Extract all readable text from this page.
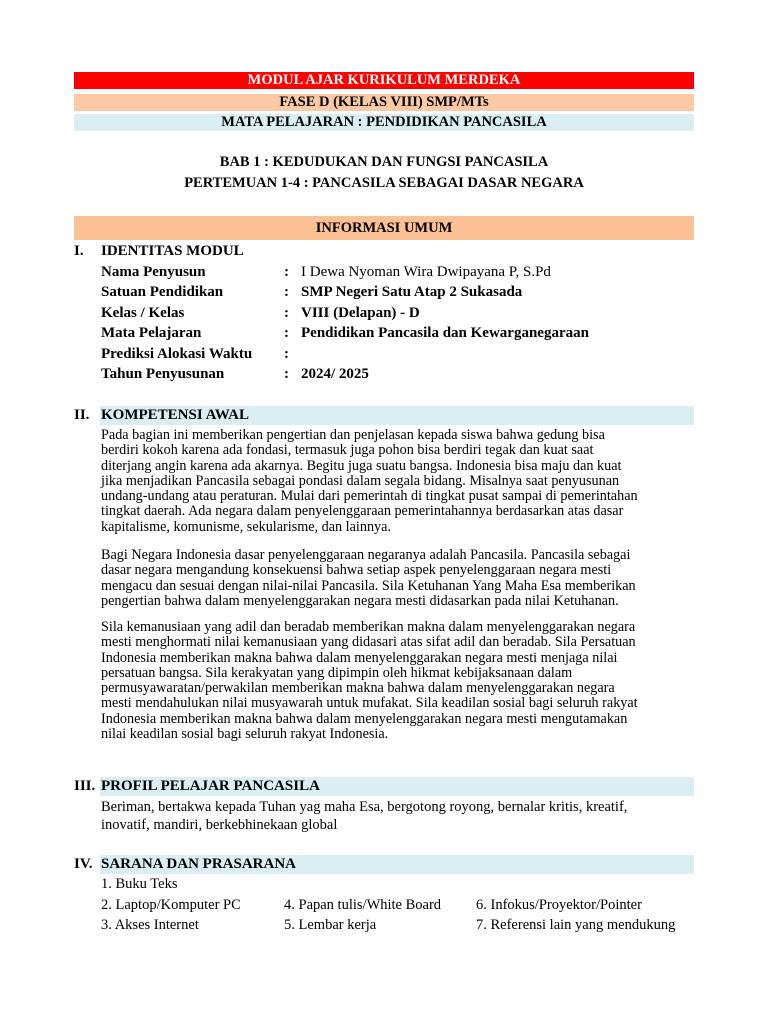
MODUL AJAR KURIKULUM MERDEKA
FASE D (KELAS VIII) SMP/MTs
MATA PELAJARAN : PENDIDIKAN PANCASILA
BAB 1 : KEDUDUKAN DAN FUNGSI PANCASILA
PERTEMUAN 1-4 : PANCASILA SEBAGAI DASAR NEGARA
INFORMASI UMUM
I. IDENTITAS MODUL
Nama Penyusun	: I Dewa Nyoman Wira Dwipayana P, S.Pd
Satuan Pendidikan	: SMP Negeri Satu Atap 2 Sukasada
Kelas / Kelas	: VIII (Delapan) - D
Mata Pelajaran	: Pendidikan Pancasila dan Kewarganegaraan
Prediksi Alokasi Waktu :
Tahun Penyusunan	: 2024/ 2025
II. KOMPETENSI AWAL
Pada bagian ini memberikan pengertian dan penjelasan kepada siswa bahwa gedung bisa
berdiri kokoh karena ada fondasi, termasuk juga pohon bisa berdiri tegak dan kuat saat
diterjang angin karena ada akarnya. Begitu juga suatu bangsa. Indonesia bisa maju dan kuat
jika menjadikan Pancasila sebagai pondasi dalam segala bidang. Misalnya saat penyusunan
undang-undang atau peraturan. Mulai dari pemerintah di tingkat pusat sampai di pemerintahan
tingkat daerah. Ada negara dalam penyelenggaraan pemerintahannya berdasarkan atas dasar
kapitalisme, komunisme, sekularisme, dan lainnya.
Bagi Negara Indonesia dasar penyelenggaraan negaranya adalah Pancasila. Pancasila sebagai
dasar negara mengandung konsekuensi bahwa setiap aspek penyelenggaraan negara mesti
mengacu dan sesuai dengan nilai-nilai Pancasila. Sila Ketuhanan Yang Maha Esa memberikan
pengertian bahwa dalam menyelenggarakan negara mesti didasarkan pada nilai Ketuhanan.
Sila kemanusiaan yang adil dan beradab memberikan makna dalam menyelenggarakan negara
mesti menghormati nilai kemanusiaan yang didasari atas sifat adil dan beradab. Sila Persatuan
Indonesia memberikan makna bahwa dalam menyelenggarakan negara mesti menjaga nilai
persatuan bangsa. Sila kerakyatan yang dipimpin oleh hikmat kebijaksanaan dalam
permusyawaratan/perwakilan memberikan makna bahwa dalam menyelenggarakan negara
mesti mendahulukan nilai musyawarah untuk mufakat. Sila keadilan sosial bagi seluruh rakyat
Indonesia memberikan makna bahwa dalam menyelenggarakan negara mesti mengutamakan
nilai keadilan sosial bagi seluruh rakyat Indonesia.
III. PROFIL PELAJAR PANCASILA
Beriman, bertakwa kepada Tuhan yag maha Esa, bergotong royong, bernalar kritis, kreatif,
inovatif, mandiri, berkebhinekaan global
IV. SARANA DAN PRASARANA
1. Buku Teks
2. Laptop/Komputer PC
3. Akses Internet
4. Papan tulis/White Board
5. Lembar kerja
6. Infokus/Proyektor/Pointer
7. Referensi lain yang mendukung
